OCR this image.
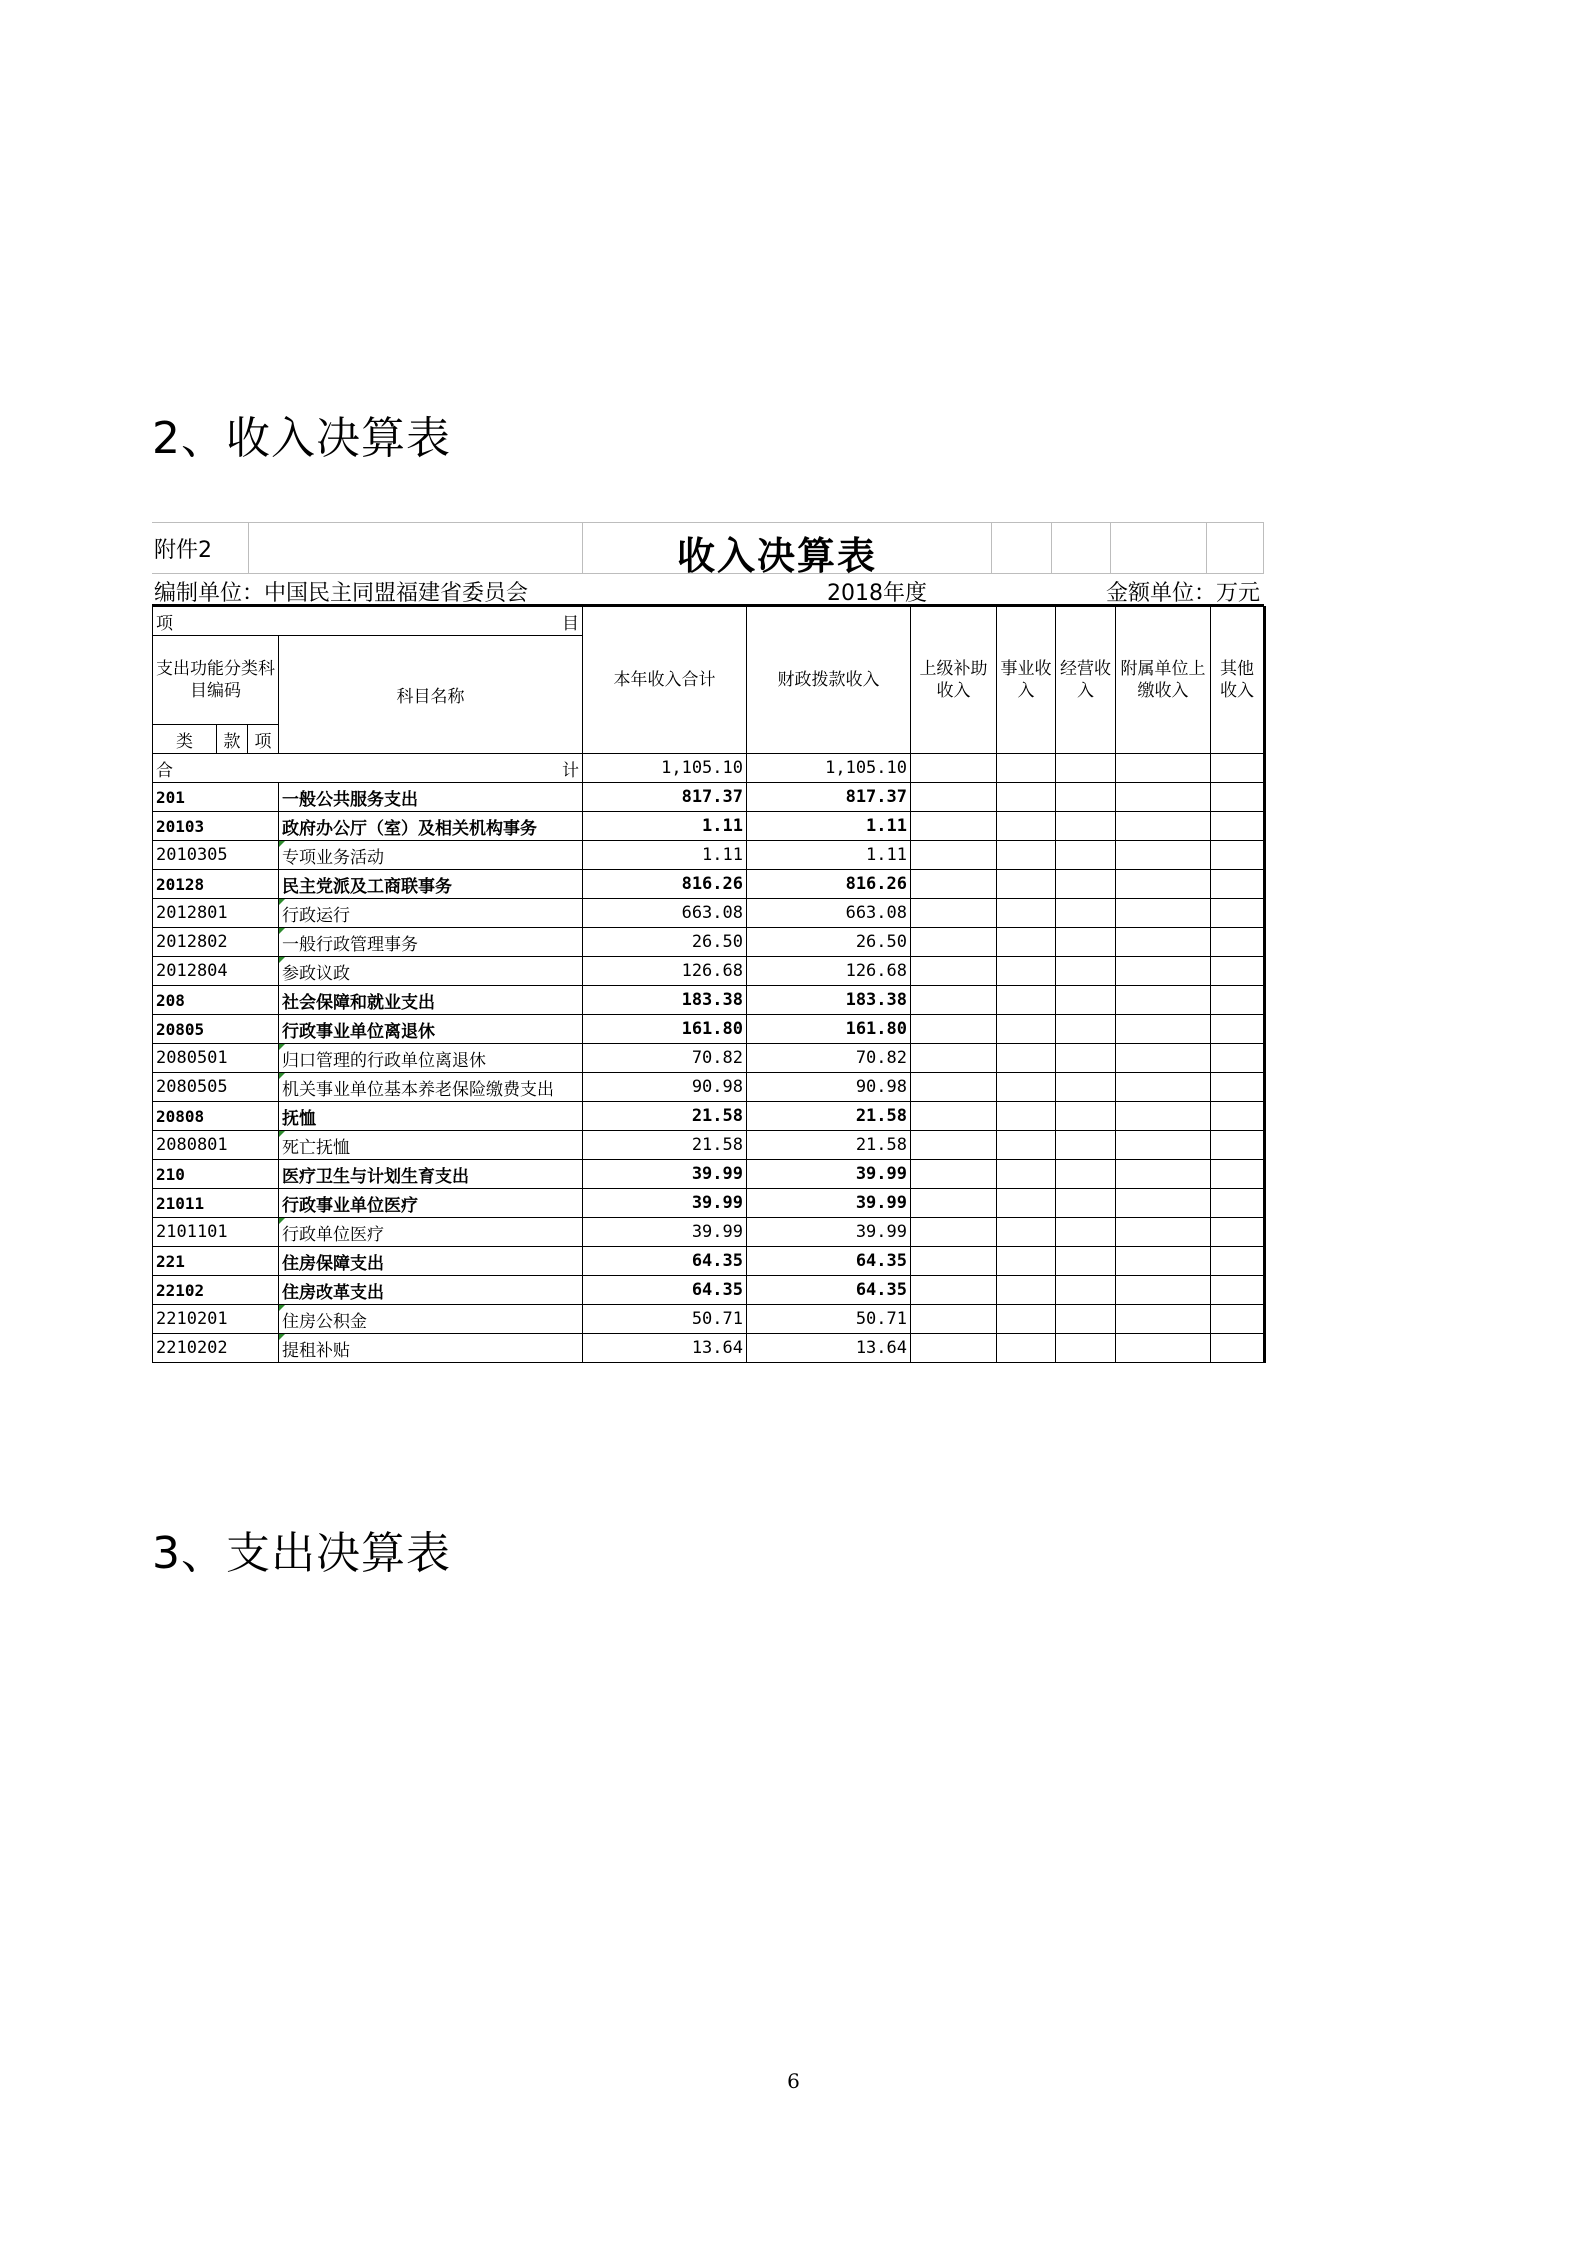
2、收入决算表
附件2	收入决算表
编制单位：中国民主同盟福建省委员会	2018年度	金额单位：万元
项 目				本年收入合计	财政拨款收入	上级补助收入	事业收入	经营收入	附属单位上缴收入	其他收入
支出功能分类科目编码			科目名称							
类	款	项								

合 计				1,105.10	1,105.10					
201			一般公共服务支出	817.37	817.37					
20103			政府办公厅（室）及相关机构事务	1.11	1.11					
2010305			专项业务活动	1.11	1.11					
20128			民主党派及工商联事务	816.26	816.26					
2012801			行政运行	663.08	663.08					
2012802			一般行政管理事务	26.50	26.50					
2012804			参政议政	126.68	126.68					
208			社会保障和就业支出	183.38	183.38					
20805			行政事业单位离退休	161.80	161.80					
2080501			归口管理的行政单位离退休	70.82	70.82					
2080505			机关事业单位基本养老保险缴费支出	90.98	90.98					
20808			抚恤	21.58	21.58					
2080801			死亡抚恤	21.58	21.58					
210			医疗卫生与计划生育支出	39.99	39.99					
21011			行政事业单位医疗	39.99	39.99					
2101101			行政单位医疗	39.99	39.99					
221			住房保障支出	64.35	64.35					
22102			住房改革支出	64.35	64.35					
2210201			住房公积金	50.71	50.71					
2210202			提租补贴	13.64	13.64					
3、支出决算表
6
